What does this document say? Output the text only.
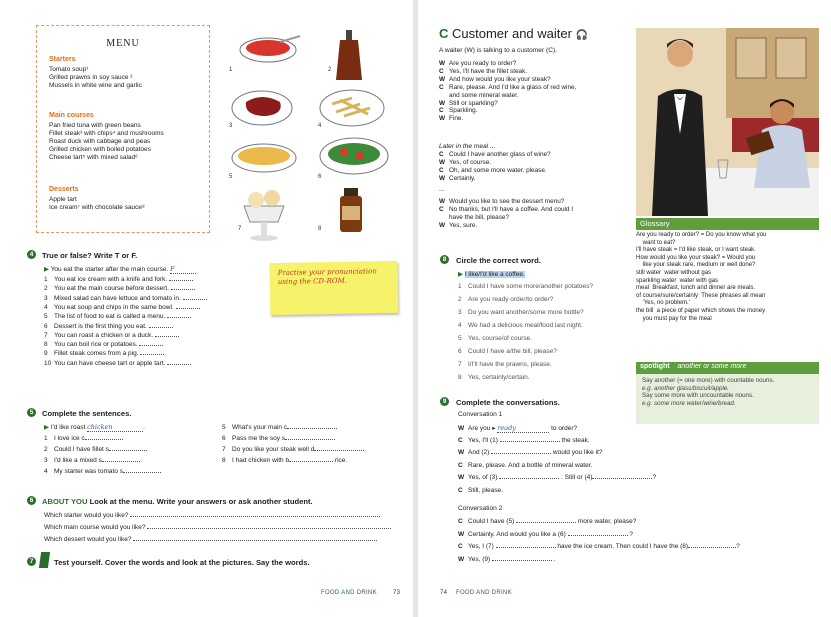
MENU
Starters
Tomato soup¹
Grilled prawns in soy sauce ²
Mussels in white wine and garlic
Main courses
Pan fried tuna with green beans
Fillet steak³ with chips⁴ and mushrooms
Roast duck with cabbage and peas
Grilled chicken with boiled potatoes
Cheese tart⁵ with mixed salad⁶
Desserts
Apple tart
Ice cream⁷ with chocolate sauce⁸
1	2
3	4
5	6
7	8
4	True or false? Write T or F.
▶ You eat the starter after the main course. F
1 You eat ice cream with a knife and fork.
2 You eat the main course before dessert.
3 Mixed salad can have lettuce and tomato in.
4 You eat soup and chips in the same bowl.
5 The list of food to eat is called a menu.
6 Dessert is the first thing you eat.
7 You can roast a chicken or a duck.
8 You can boil rice or potatoes.
9 Fillet steak comes from a pig.
10 You can have cheese tart or apple tart.
Practise your pronunciation using the CD-ROM.
5	Complete the sentences.
▶ I'd like roast chicken	.
1 I love ice c
2 Could I have fillet s
3 I'd like a mixed s
4 My starter was tomato s
5 What's your main c
6 Pass me the soy s
7 Do you like your steak well d
8 I had chicken with b	rice.
6	ABOUT YOU Look at the menu. Write your answers or ask another student.
Which starter would you like?
Which main course would you like?
Which dessert would you like?
7	Test yourself. Cover the words and look at the pictures. Say the words.
FOOD AND DRINK	73
C Customer and waiter 🎧
A waiter (W) is talking to a customer (C).
W Are you ready to order?
C Yes, I'll have the fillet steak.
W And how would you like your steak?
C Rare, please. And I'd like a glass of red wine,
and some mineral water.
W Still or sparkling?
C Sparkling.
W Fine.
Later in the meal ...
C Could I have another glass of wine?
W Yes, of course.
C Oh, and some more water, please.
W Certainly.
...
W Would you like to see the dessert menu?
C No thanks, but I'll have a coffee. And could I
have the bill, please?
W Yes, sure.	Glossary
Are you ready to order? = Do you know what you
want to eat?
I'll have steak = I'd like steak, or I want steak.
How would you like your steak? = Would you
like your steak rare, medium or well done?
still water  water without gas
sparkling water  water with gas
meal  Breakfast, lunch and dinner are meals.
of course/sure/certainly  These phrases all mean
'Yes, no problem.'
the bill  a piece of paper which shows the money
you must pay for the meal
spotlight another or some more
Say another (= one more) with countable nouns.
e.g. another glass/biscuit/apple.
Say some more with uncountable nouns.
e.g. some more water/wine/bread.
8	Circle the correct word.
▶ I like/I'd like a coffee.
1 Could I have some more/another potatoes?
2 Are you ready order/to order?
3 Do you want another/some more bottle?
4 We had a delicious meal/food last night.
5 Yes, course/of course.
6 Could I have a/the bill, please?
7 I/I'll have the prawns, please.
8 Yes, certainly/certain.
9	Complete the conversations.
Conversation 1
W Are you ▸ ready	to order?
C Yes, I'll (1)	the steak.
W And (2)	would you like it?
C Rare, please. And a bottle of mineral water.
W Yes, of (3)	. Still or (4)	?
C Still, please.
Conversation 2
C Could I have (5)	more water, please?
W Certainly. And would you like a (6)	?
C Yes, I (7)	have the ice cream. Then could I have the (8)	?
W Yes, (9)	.
74 FOOD AND DRINK
